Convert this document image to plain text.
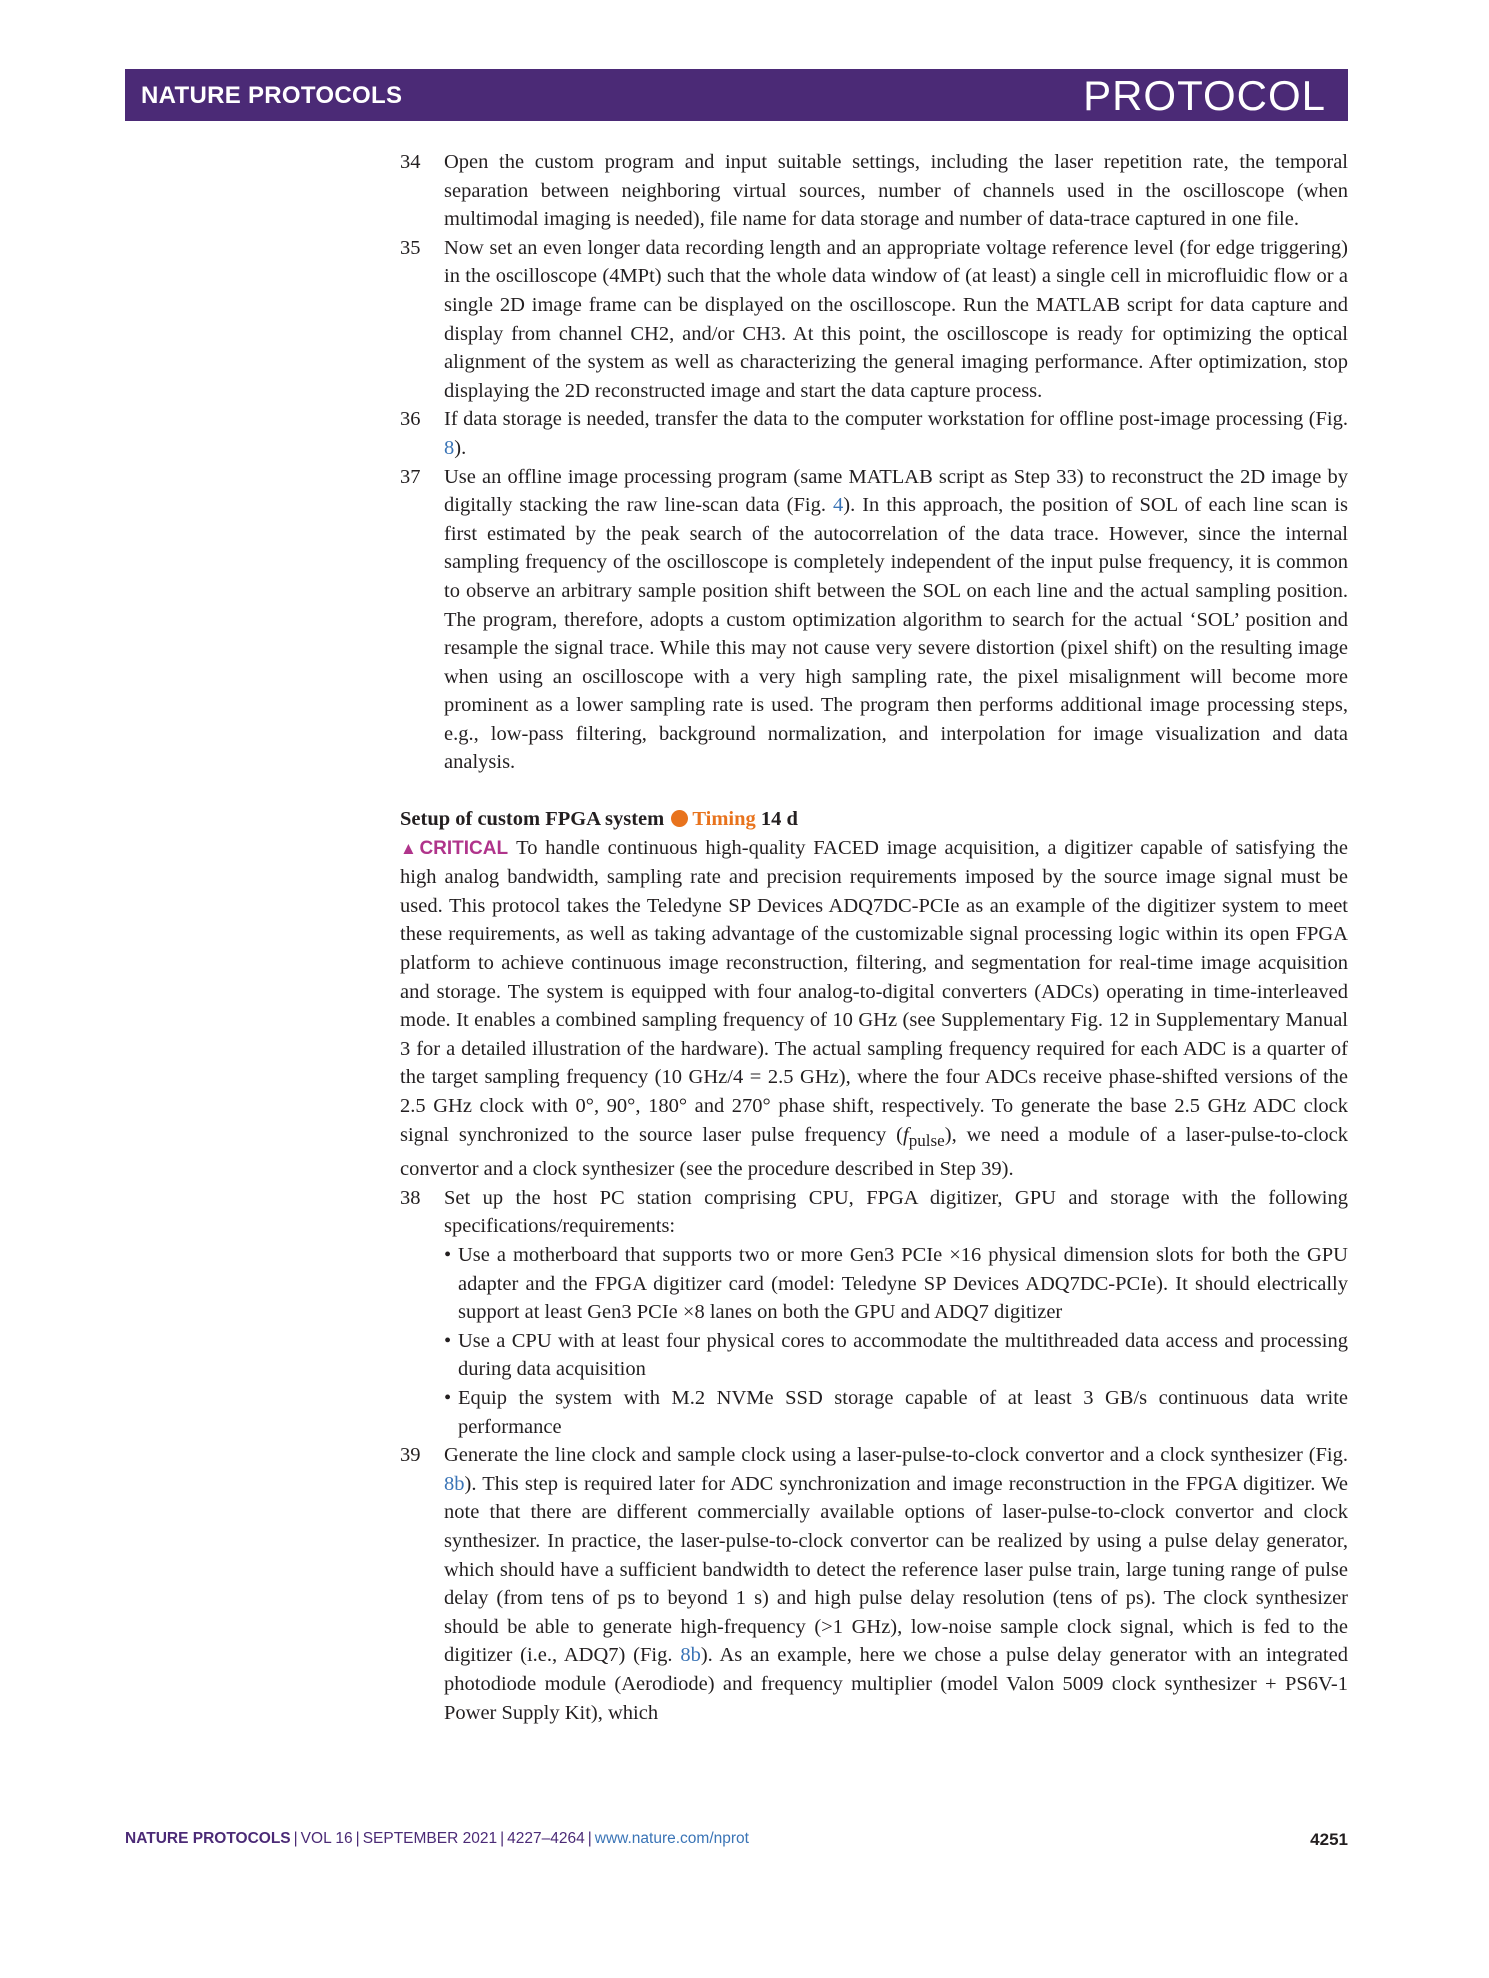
NATURE PROTOCOLS	PROTOCOL
34	Open the custom program and input suitable settings, including the laser repetition rate, the temporal separation between neighboring virtual sources, number of channels used in the oscilloscope (when multimodal imaging is needed), file name for data storage and number of data-trace captured in one file.
35	Now set an even longer data recording length and an appropriate voltage reference level (for edge triggering) in the oscilloscope (4MPt) such that the whole data window of (at least) a single cell in microfluidic flow or a single 2D image frame can be displayed on the oscilloscope. Run the MATLAB script for data capture and display from channel CH2, and/or CH3. At this point, the oscilloscope is ready for optimizing the optical alignment of the system as well as characterizing the general imaging performance. After optimization, stop displaying the 2D reconstructed image and start the data capture process.
36	If data storage is needed, transfer the data to the computer workstation for offline post-image processing (Fig. 8).
37	Use an offline image processing program (same MATLAB script as Step 33) to reconstruct the 2D image by digitally stacking the raw line-scan data (Fig. 4). In this approach, the position of SOL of each line scan is first estimated by the peak search of the autocorrelation of the data trace. However, since the internal sampling frequency of the oscilloscope is completely independent of the input pulse frequency, it is common to observe an arbitrary sample position shift between the SOL on each line and the actual sampling position. The program, therefore, adopts a custom optimization algorithm to search for the actual ‘SOL’ position and resample the signal trace. While this may not cause very severe distortion (pixel shift) on the resulting image when using an oscilloscope with a very high sampling rate, the pixel misalignment will become more prominent as a lower sampling rate is used. The program then performs additional image processing steps, e.g., low-pass filtering, background normalization, and interpolation for image visualization and data analysis.
Setup of custom FPGA system Timing 14 d
▲CRITICAL To handle continuous high-quality FACED image acquisition, a digitizer capable of satisfying the high analog bandwidth, sampling rate and precision requirements imposed by the source image signal must be used. This protocol takes the Teledyne SP Devices ADQ7DC-PCIe as an example of the digitizer system to meet these requirements, as well as taking advantage of the customizable signal processing logic within its open FPGA platform to achieve continuous image reconstruction, filtering, and segmentation for real-time image acquisition and storage. The system is equipped with four analog-to-digital converters (ADCs) operating in time-interleaved mode. It enables a combined sampling frequency of 10 GHz (see Supplementary Fig. 12 in Supplementary Manual 3 for a detailed illustration of the hardware). The actual sampling frequency required for each ADC is a quarter of the target sampling frequency (10 GHz/4 = 2.5 GHz), where the four ADCs receive phase-shifted versions of the 2.5 GHz clock with 0°, 90°, 180° and 270° phase shift, respectively. To generate the base 2.5 GHz ADC clock signal synchronized to the source laser pulse frequency $(f_{pulse})$, we need a module of a laser-pulse-to-clock convertor and a clock synthesizer (see the procedure described in Step 39).
38	Set up the host PC station comprising CPU, FPGA digitizer, GPU and storage with the following specifications/requirements:
• Use a motherboard that supports two or more Gen3 PCIe ×16 physical dimension slots for both the GPU adapter and the FPGA digitizer card (model: Teledyne SP Devices ADQ7DC-PCIe). It should electrically support at least Gen3 PCIe ×8 lanes on both the GPU and ADQ7 digitizer
• Use a CPU with at least four physical cores to accommodate the multithreaded data access and processing during data acquisition
• Equip the system with M.2 NVMe SSD storage capable of at least 3 GB/s continuous data write performance
39	Generate the line clock and sample clock using a laser-pulse-to-clock convertor and a clock synthesizer (Fig. 8b). This step is required later for ADC synchronization and image reconstruction in the FPGA digitizer. We note that there are different commercially available options of laser-pulse-to-clock convertor and clock synthesizer. In practice, the laser-pulse-to-clock convertor can be realized by using a pulse delay generator, which should have a sufficient bandwidth to detect the reference laser pulse train, large tuning range of pulse delay (from tens of ps to beyond 1 s) and high pulse delay resolution (tens of ps). The clock synthesizer should be able to generate high-frequency (>1 GHz), low-noise sample clock signal, which is fed to the digitizer (i.e., ADQ7) (Fig. 8b). As an example, here we chose a pulse delay generator with an integrated photodiode module (Aerodiode) and frequency multiplier (model Valon 5009 clock synthesizer + PS6V-1 Power Supply Kit), which
NATURE PROTOCOLS | VOL 16 | SEPTEMBER 2021 | 4227–4264 | www.nature.com/nprot	4251
